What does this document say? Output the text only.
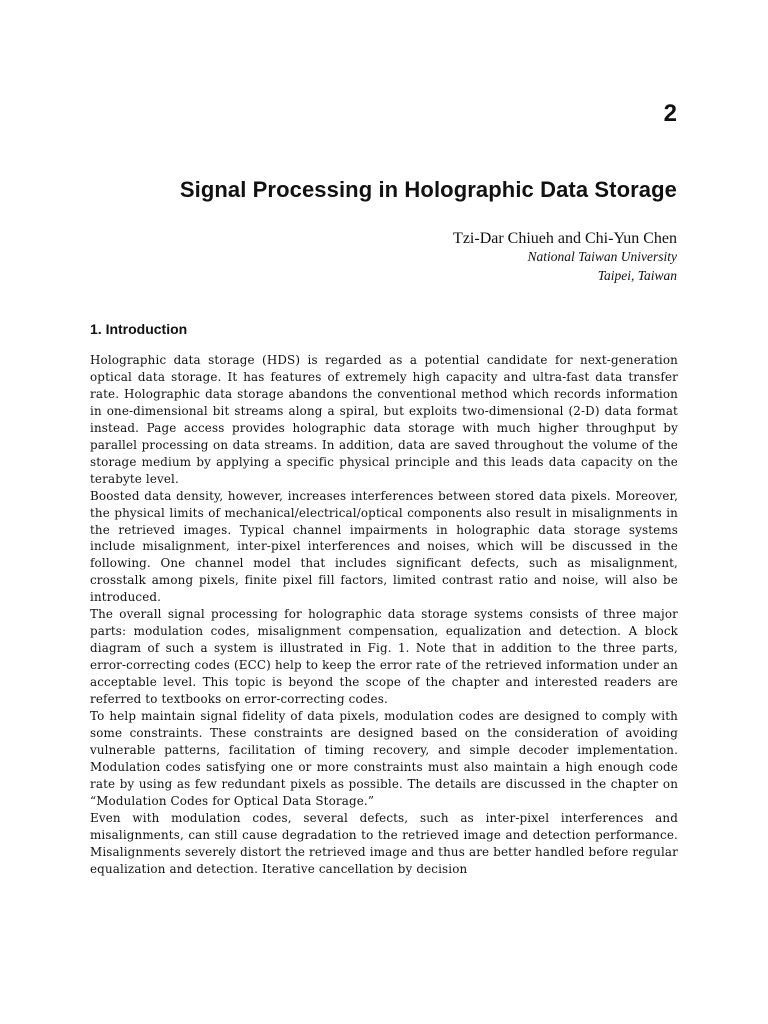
2
Signal Processing in Holographic Data Storage
Tzi-Dar Chiueh and Chi-Yun Chen
National Taiwan University
Taipei, Taiwan
1. Introduction

Holographic data storage (HDS) is regarded as a potential candidate for next-generation optical data storage. It has features of extremely high capacity and ultra-fast data transfer rate. Holographic data storage abandons the conventional method which records information in one-dimensional bit streams along a spiral, but exploits two-dimensional (2-D) data format instead. Page access provides holographic data storage with much higher throughput by parallel processing on data streams. In addition, data are saved throughout the volume of the storage medium by applying a specific physical principle and this leads data capacity on the terabyte level.

Boosted data density, however, increases interferences between stored data pixels. Moreover, the physical limits of mechanical/electrical/optical components also result in misalignments in the retrieved images. Typical channel impairments in holographic data storage systems include misalignment, inter-pixel interferences and noises, which will be discussed in the following. One channel model that includes significant defects, such as misalignment, crosstalk among pixels, finite pixel fill factors, limited contrast ratio and noise, will also be introduced.

The overall signal processing for holographic data storage systems consists of three major parts: modulation codes, misalignment compensation, equalization and detection. A block diagram of such a system is illustrated in Fig. 1. Note that in addition to the three parts, error-correcting codes (ECC) help to keep the error rate of the retrieved information under an acceptable level. This topic is beyond the scope of the chapter and interested readers are referred to textbooks on error-correcting codes.

To help maintain signal fidelity of data pixels, modulation codes are designed to comply with some constraints. These constraints are designed based on the consideration of avoiding vulnerable patterns, facilitation of timing recovery, and simple decoder implementation. Modulation codes satisfying one or more constraints must also maintain a high enough code rate by using as few redundant pixels as possible. The details are discussed in the chapter on “Modulation Codes for Optical Data Storage.”

Even with modulation codes, several defects, such as inter-pixel interferences and misalignments, can still cause degradation to the retrieved image and detection performance. Misalignments severely distort the retrieved image and thus are better handled before regular equalization and detection. Iterative cancellation by decision
